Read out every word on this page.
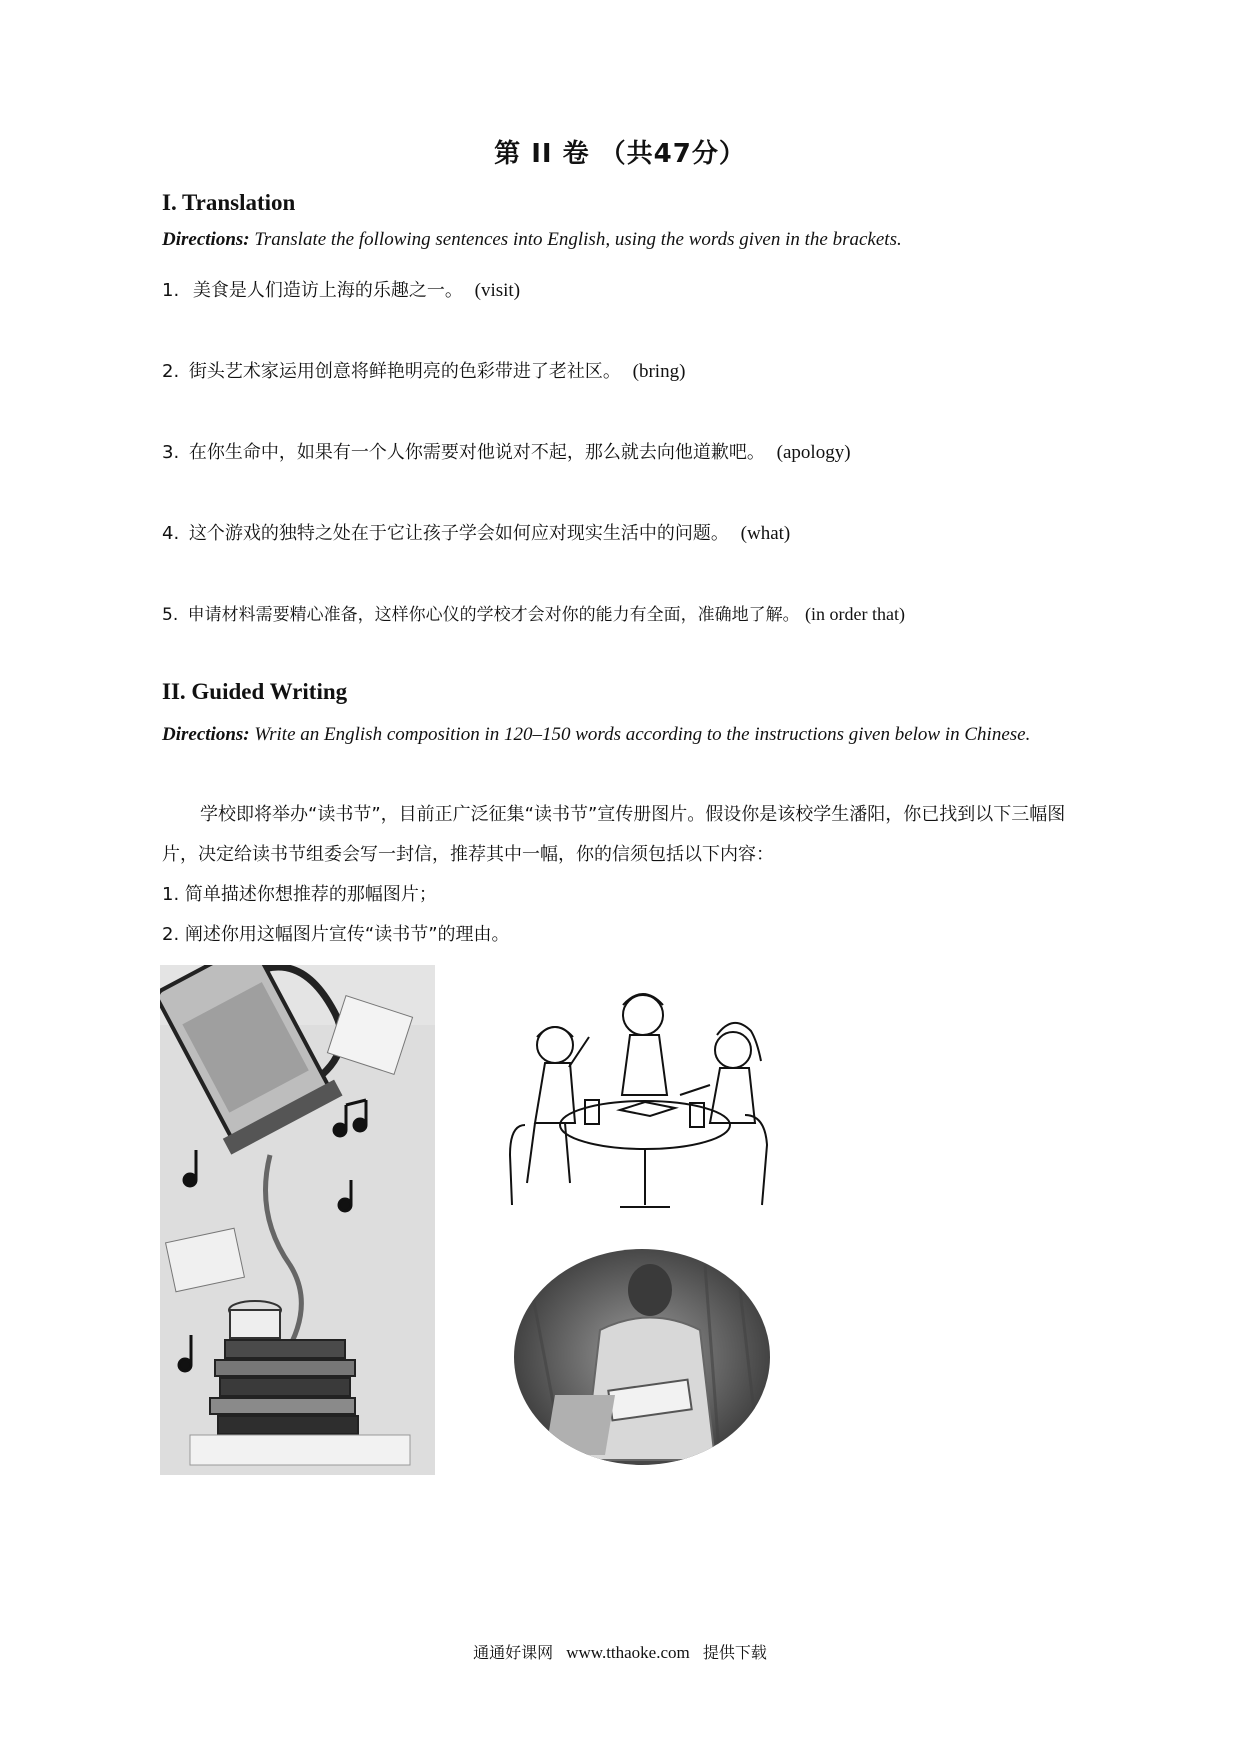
第 II 卷 （共47分）
I. Translation
Directions: Translate the following sentences into English, using the words given in the brackets.
1. 美食是人们造访上海的乐趣之一。 (visit)
2. 街头艺术家运用创意将鲜艳明亮的色彩带进了老社区。 (bring)
3. 在你生命中，如果有一个人你需要对他说对不起，那么就去向他道歉吧。 (apology)
4. 这个游戏的独特之处在于它让孩子学会如何应对现实生活中的问题。 (what)
5. 申请材料需要精心准备，这样你心仪的学校才会对你的能力有全面，准确地了解。 (in order that)
II. Guided Writing
Directions: Write an English composition in 120–150 words according to the instructions given below in Chinese.
学校即将举办“读书节”，目前正广泛征集“读书节”宣传册图片。假设你是该校学生潘阳，你已找到以下三幅图片，决定给读书节组委会写一封信，推荐其中一幅，你的信须包括以下内容：
1. 简单描述你想推荐的那幅图片；
2. 阐述你用这幅图片宣传“读书节”的理由。
通通好课网 www.tthaoke.com 提供下载
